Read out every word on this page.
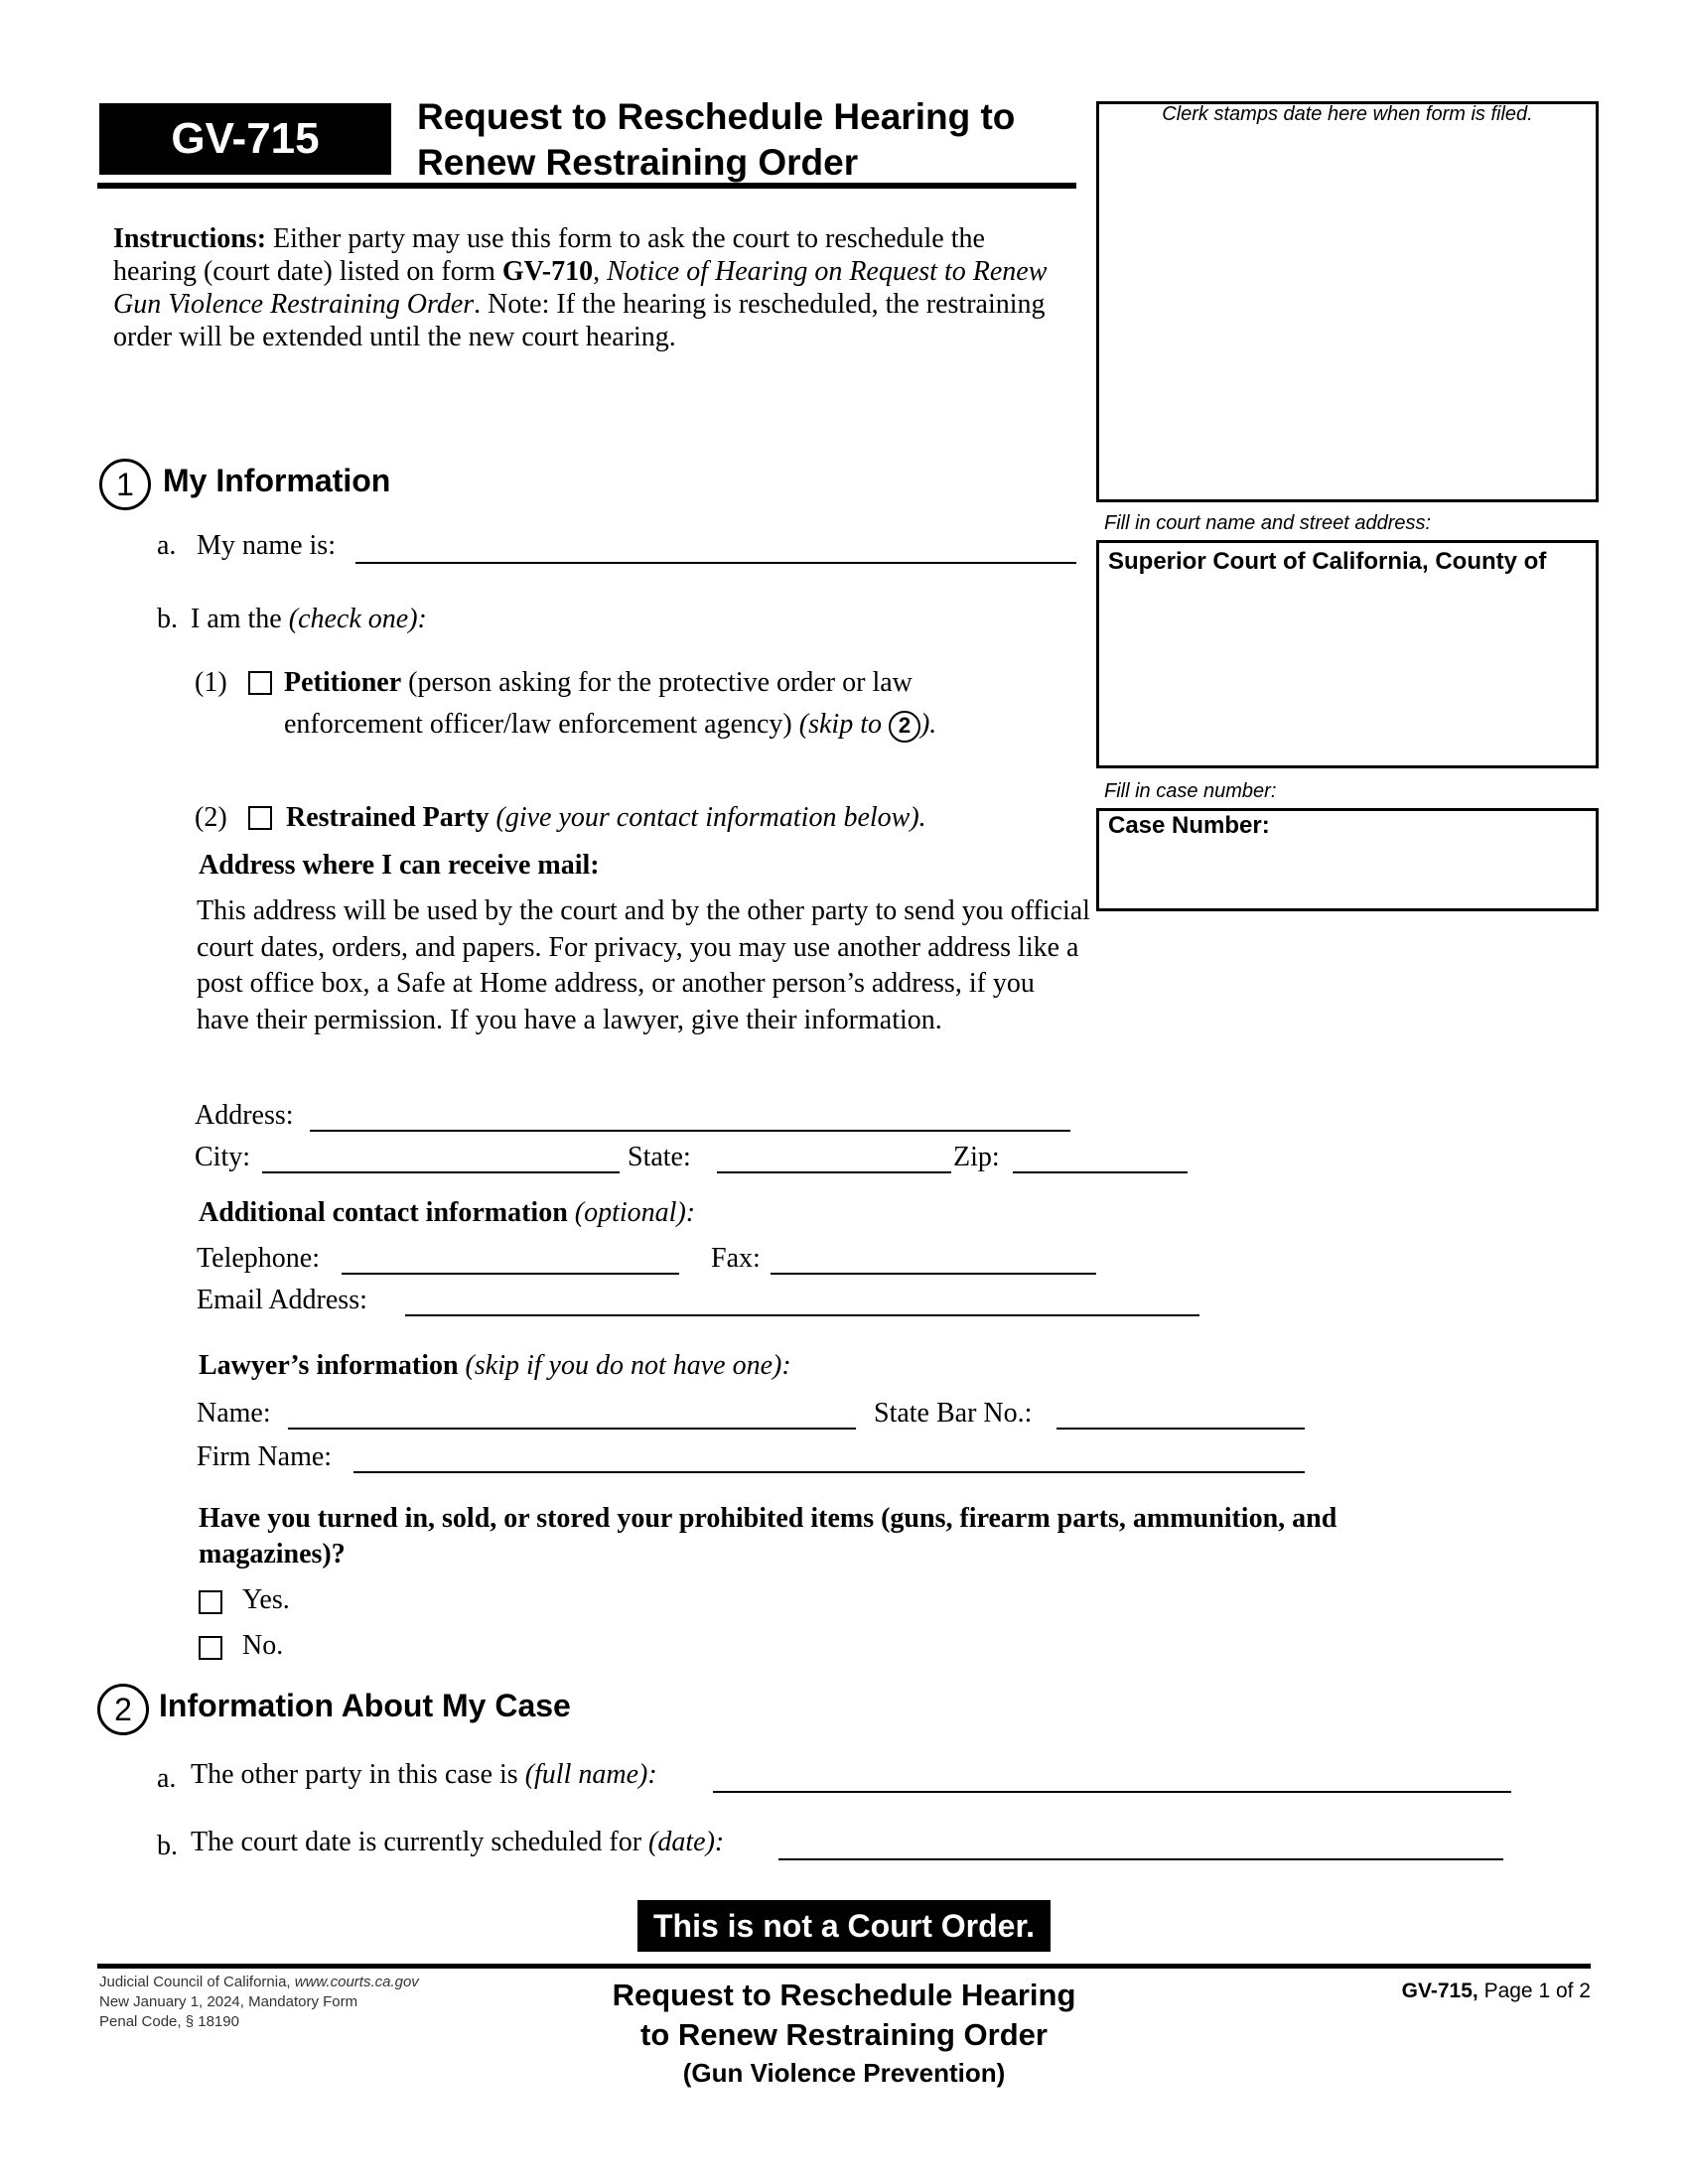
GV-715	Request to Reschedule Hearing to
Renew Restraining Order
Instructions: Either party may use this form to ask the court to reschedule the hearing (court date) listed on form GV-710, Notice of Hearing on Request to Renew Gun Violence Restraining Order. Note: If the hearing is rescheduled, the restraining order will be extended until the new court hearing.
Clerk stamps date here when form is filed.
Fill in court name and street address:
Superior Court of California, County of
Fill in case number:
Case Number:
1 My Information
a. My name is:
b. I am the (check one):
(1) Petitioner (person asking for the protective order or law
enforcement officer/law enforcement agency) (skip to 2 ).
(2) Restrained Party (give your contact information below).
Address where I can receive mail:
This address will be used by the court and by the other party to send you official court dates, orders, and papers. For privacy, you may use another address like a post office box, a Safe at Home address, or another person’s address, if you have their permission. If you have a lawyer, give their information.
Address:
City:	State:	Zip:
Additional contact information (optional):
Telephone:	Fax:
Email Address:
Lawyer’s information (skip if you do not have one):
Name:	State Bar No.:
Firm Name:
Have you turned in, sold, or stored your prohibited items (guns, firearm parts, ammunition, and magazines)?
Yes.
No.
2 Information About My Case
a. The other party in this case is (full name):
b. The court date is currently scheduled for (date):
This is not a Court Order.
Judicial Council of California, www.courts.ca.gov
New January 1, 2024, Mandatory Form
Penal Code, § 18190
Request to Reschedule Hearing
to Renew Restraining Order
(Gun Violence Prevention)
GV-715, Page 1 of 2
